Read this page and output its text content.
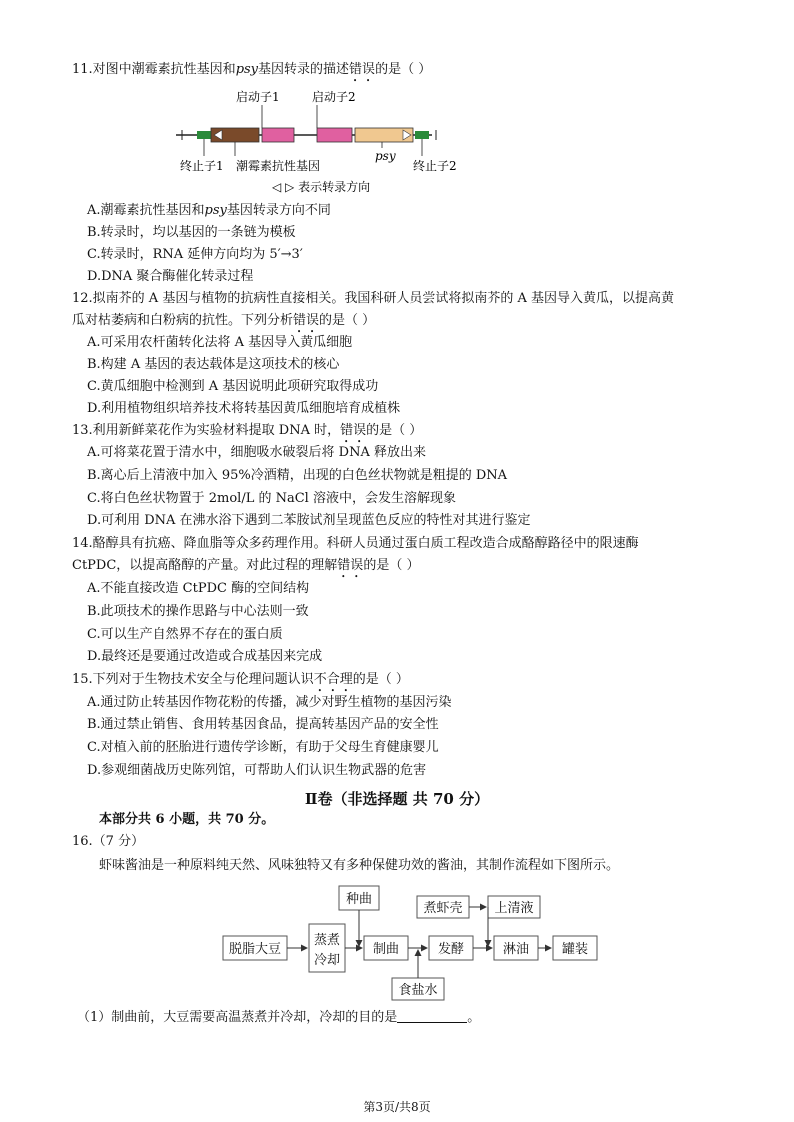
11.对图中潮霉素抗性基因和psy基因转录的描述错误的是（ ）
启动子1	启动子2
psy
终止子1 潮霉素抗性基因	终止子2
◁ ▷ 表示转录方向
A.潮霉素抗性基因和psy基因转录方向不同
B.转录时，均以基因的一条链为模板
C.转录时，RNA 延伸方向均为 5′→3′
D.DNA 聚合酶催化转录过程
12.拟南芥的 A 基因与植物的抗病性直接相关。我国科研人员尝试将拟南芥的 A 基因导入黄瓜，以提高黄
瓜对枯萎病和白粉病的抗性。下列分析错误的是（ ）
A.可采用农杆菌转化法将 A 基因导入黄瓜细胞
B.构建 A 基因的表达载体是这项技术的核心
C.黄瓜细胞中检测到 A 基因说明此项研究取得成功
D.利用植物组织培养技术将转基因黄瓜细胞培育成植株
13.利用新鲜菜花作为实验材料提取 DNA 时，错误的是（ ）
A.可将菜花置于清水中，细胞吸水破裂后将 DNA 释放出来
B.离心后上清液中加入 95%冷酒精，出现的白色丝状物就是粗提的 DNA
C.将白色丝状物置于 2mol/L 的 NaCl 溶液中，会发生溶解现象
D.可利用 DNA 在沸水浴下遇到二苯胺试剂呈现蓝色反应的特性对其进行鉴定
14.酪醇具有抗癌、降血脂等众多药理作用。科研人员通过蛋白质工程改造合成酪醇路径中的限速酶
CtPDC，以提高酪醇的产量。对此过程的理解错误的是（ ）
A.不能直接改造 CtPDC 酶的空间结构
B.此项技术的操作思路与中心法则一致
C.可以生产自然界不存在的蛋白质
D.最终还是要通过改造或合成基因来完成
15.下列对于生物技术安全与伦理问题认识不合理的是（ ）
A.通过防止转基因作物花粉的传播，减少对野生植物的基因污染
B.通过禁止销售、食用转基因食品，提高转基因产品的安全性
C.对植入前的胚胎进行遗传学诊断，有助于父母生育健康婴儿
D.参观细菌战历史陈列馆，可帮助人们认识生物武器的危害
Ⅱ卷（非选择题 共 70 分）
本部分共 6 小题，共 70 分。
16.（7 分）
虾味酱油是一种原料纯天然、风味独特又有多种保健功效的酱油，其制作流程如下图所示。
脱脂大豆
蒸煮
冷却
种曲
制曲	发酵
煮虾壳 上清液
淋油	罐装
食盐水
（1）制曲前，大豆需要高温蒸煮并冷却，冷却的目的是	。
第3页/共8页
